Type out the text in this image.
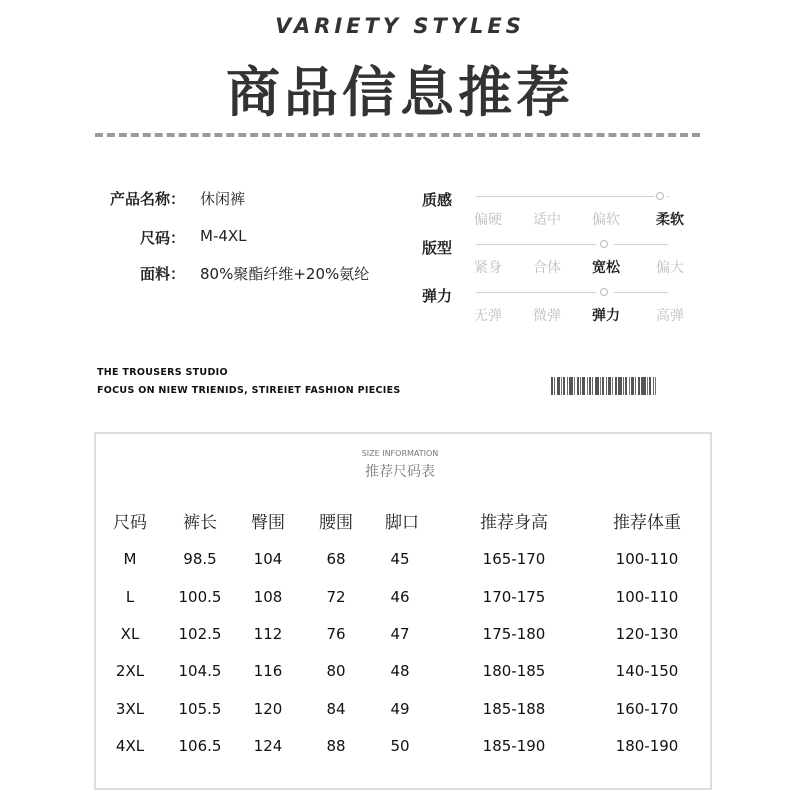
VARIETY STYLES
商品信息推荐
产品名称： 休闲裤
尺码： M-4XL
面料： 80%聚酯纤维+20%氨纶
质感
偏硬	适中	偏软	柔软
版型
紧身	合体	宽松	偏大
弹力
无弹	微弹	弹力	高弹
THE TROUSERS STUDIO
FOCUS ON NIEW TRIENIDS, STIREIET FASHION PIECIES
SIZE INFORMATION
推荐尺码表
尺码	裤长	臀围	腰围	脚口	推荐身高	推荐体重
M	98.5	104	68	45	165-170	100-110
L	100.5	108	72	46	170-175	100-110
XL	102.5	112	76	47	175-180	120-130
2XL	104.5	116	80	48	180-185	140-150
3XL	105.5	120	84	49	185-188	160-170
4XL	106.5	124	88	50	185-190	180-190
